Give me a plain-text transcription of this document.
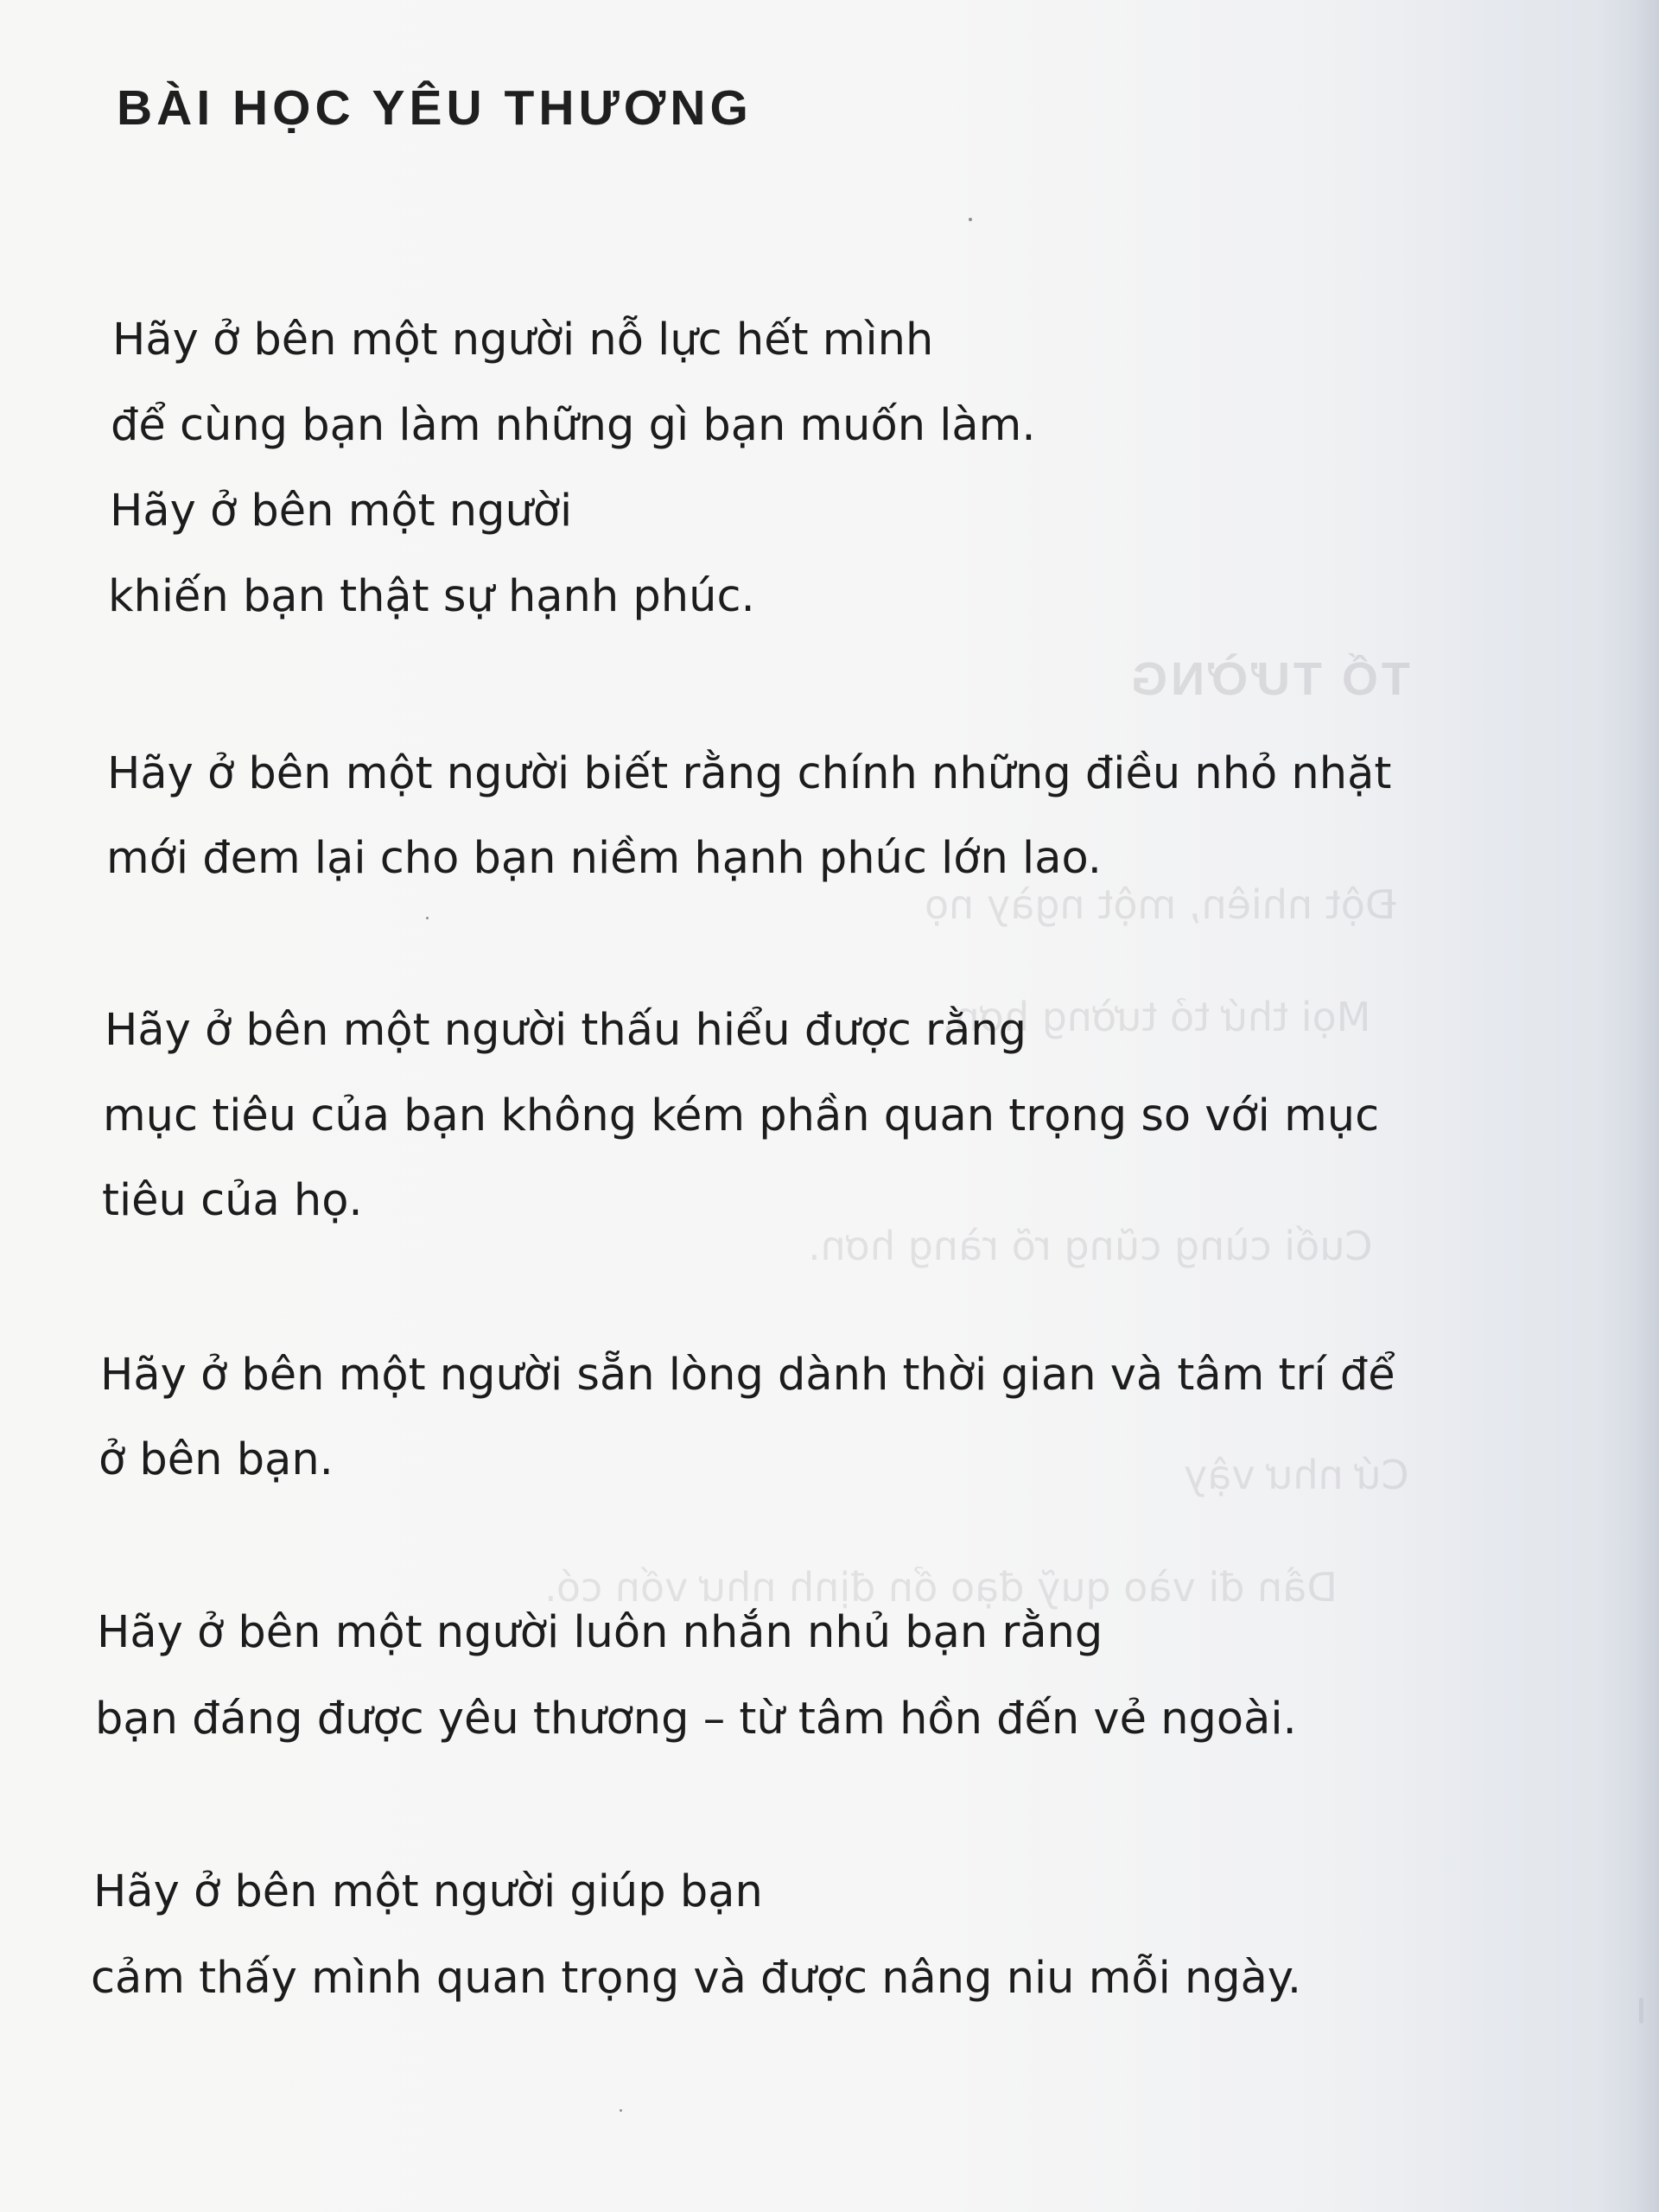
TỐ TƯỜNG
Đột nhiên, một ngày nọ
Mọi thứ tỏ tường hơn.
Cuối cùng cũng rõ ràng hơn.
Cứ như vậy
Dần đi vào quỹ đạo ổn định như vốn có.
BÀI HỌC YÊU THƯƠNG
Hãy ở bên một người nỗ lực hết mình
để cùng bạn làm những gì bạn muốn làm.
Hãy ở bên một người
khiến bạn thật sự hạnh phúc.
Hãy ở bên một người biết rằng chính những điều nhỏ nhặt
mới đem lại cho bạn niềm hạnh phúc lớn lao.
Hãy ở bên một người thấu hiểu được rằng
mục tiêu của bạn không kém phần quan trọng so với mục
tiêu của họ.
Hãy ở bên một người sẵn lòng dành thời gian và tâm trí để
ở bên bạn.
Hãy ở bên một người luôn nhắn nhủ bạn rằng
bạn đáng được yêu thương – từ tâm hồn đến vẻ ngoài.
Hãy ở bên một người giúp bạn
cảm thấy mình quan trọng và được nâng niu mỗi ngày.
